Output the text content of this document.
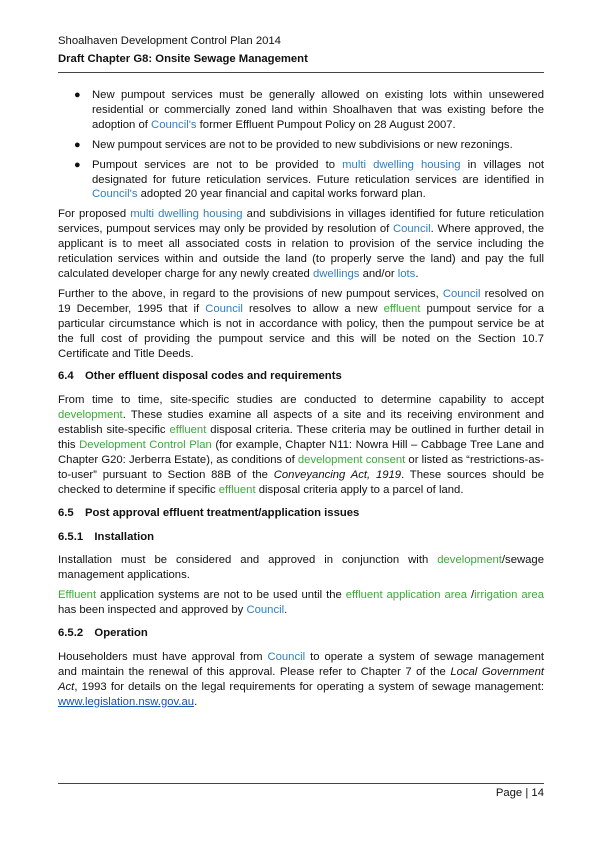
Shoalhaven Development Control Plan 2014
Draft Chapter G8: Onsite Sewage Management
● New pumpout services must be generally allowed on existing lots within unsewered residential or commercially zoned land within Shoalhaven that was existing before the adoption of Council's former Effluent Pumpout Policy on 28 August 2007.
● New pumpout services are not to be provided to new subdivisions or new rezonings.
● Pumpout services are not to be provided to multi dwelling housing in villages not designated for future reticulation services. Future reticulation services are identified in Council's adopted 20 year financial and capital works forward plan.

For proposed multi dwelling housing and subdivisions in villages identified for future reticulation services, pumpout services may only be provided by resolution of Council. Where approved, the applicant is to meet all associated costs in relation to provision of the service including the reticulation services within and outside the land (to properly serve the land) and pay the full calculated developer charge for any newly created dwellings and/or lots.

Further to the above, in regard to the provisions of new pumpout services, Council resolved on 19 December, 1995 that if Council resolves to allow a new effluent pumpout service for a particular circumstance which is not in accordance with policy, then the pumpout service be at the full cost of providing the pumpout service and this will be noted on the Section 10.7 Certificate and Title Deeds.

6.4 Other effluent disposal codes and requirements

From time to time, site-specific studies are conducted to determine capability to accept development. These studies examine all aspects of a site and its receiving environment and establish site-specific effluent disposal criteria. These criteria may be outlined in further detail in this Development Control Plan (for example, Chapter N11: Nowra Hill – Cabbage Tree Lane and Chapter G20: Jerberra Estate), as conditions of development consent or listed as “restrictions-as-to-user” pursuant to Section 88B of the Conveyancing Act, 1919. These sources should be checked to determine if specific effluent disposal criteria apply to a parcel of land.

6.5 Post approval effluent treatment/application issues
6.5.1 Installation

Installation must be considered and approved in conjunction with development/sewage management applications.

Effluent application systems are not to be used until the effluent application area /irrigation area has been inspected and approved by Council.

6.5.2 Operation

Householders must have approval from Council to operate a system of sewage management and maintain the renewal of this approval. Please refer to Chapter 7 of the Local Government Act, 1993 for details on the legal requirements for operating a system of sewage management: www.legislation.nsw.gov.au.

Page | 14
